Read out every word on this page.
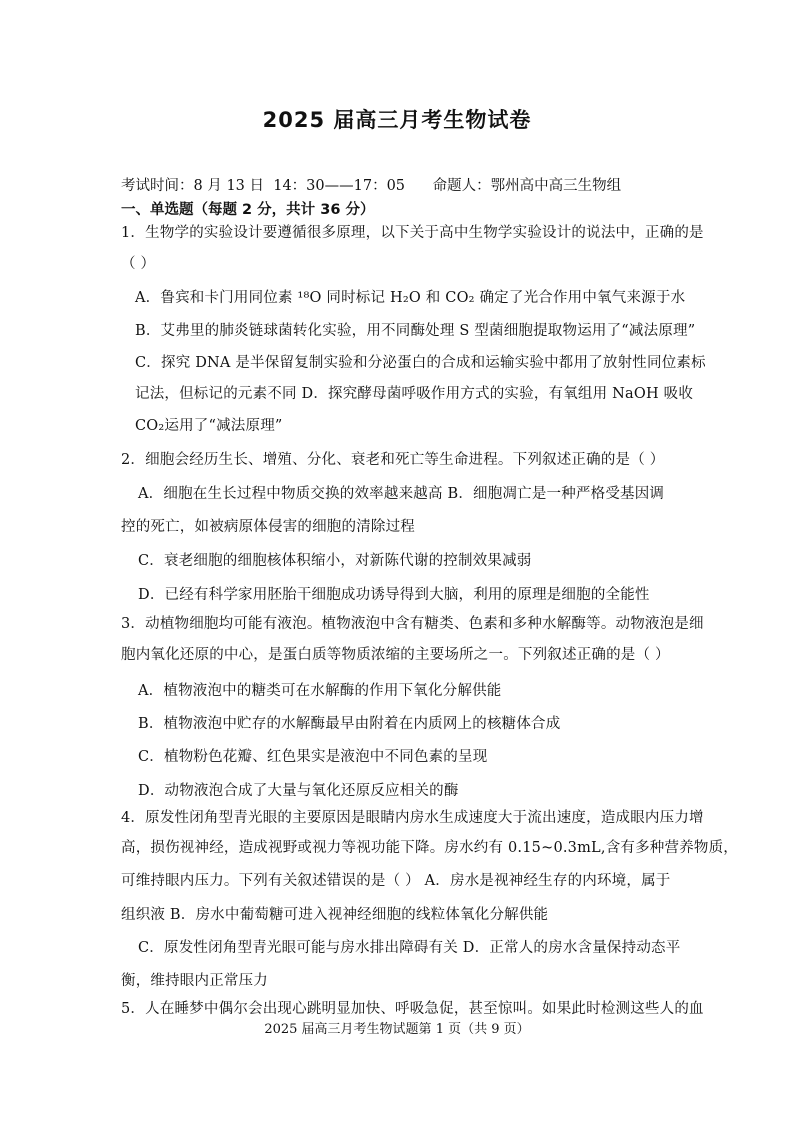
2025 届高三月考生物试卷
考试时间：8 月 13 日  14：30——17：05      命题人：鄂州高中高三生物组
一、单选题（每题 2 分，共计 36 分）
1．生物学的实验设计要遵循很多原理，以下关于高中生物学实验设计的说法中，正确的是
（ ）
A．鲁宾和卡门用同位素 ¹⁸O 同时标记 H₂O 和 CO₂ 确定了光合作用中氧气来源于水
B．艾弗里的肺炎链球菌转化实验，用不同酶处理 S 型菌细胞提取物运用了“减法原理”
C．探究 DNA 是半保留复制实验和分泌蛋白的合成和运输实验中都用了放射性同位素标
记法，但标记的元素不同 D．探究酵母菌呼吸作用方式的实验，有氧组用 NaOH 吸收
CO₂运用了“减法原理”
2．细胞会经历生长、增殖、分化、衰老和死亡等生命进程。下列叙述正确的是（ ）
A．细胞在生长过程中物质交换的效率越来越高 B．细胞凋亡是一种严格受基因调
控的死亡，如被病原体侵害的细胞的清除过程
C．衰老细胞的细胞核体积缩小，对新陈代谢的控制效果减弱
D．已经有科学家用胚胎干细胞成功诱导得到大脑，利用的原理是细胞的全能性
3．动植物细胞均可能有液泡。植物液泡中含有糖类、色素和多种水解酶等。动物液泡是细
胞内氧化还原的中心，是蛋白质等物质浓缩的主要场所之一。下列叙述正确的是（ ）
A．植物液泡中的糖类可在水解酶的作用下氧化分解供能
B．植物液泡中贮存的水解酶最早由附着在内质网上的核糖体合成
C．植物粉色花瓣、红色果实是液泡中不同色素的呈现
D．动物液泡合成了大量与氧化还原反应相关的酶
4．原发性闭角型青光眼的主要原因是眼睛内房水生成速度大于流出速度，造成眼内压力增
高，损伤视神经，造成视野或视力等视功能下降。房水约有 0.15~0.3mL,含有多种营养物质，
可维持眼内压力。下列有关叙述错误的是（ ） A．房水是视神经生存的内环境，属于
组织液 B．房水中葡萄糖可进入视神经细胞的线粒体氧化分解供能
C．原发性闭角型青光眼可能与房水排出障碍有关 D．正常人的房水含量保持动态平
衡，维持眼内正常压力
5．人在睡梦中偶尔会出现心跳明显加快、呼吸急促，甚至惊叫。如果此时检测这些人的血
2025 届高三月考生物试题第 1 页（共 9 页）
